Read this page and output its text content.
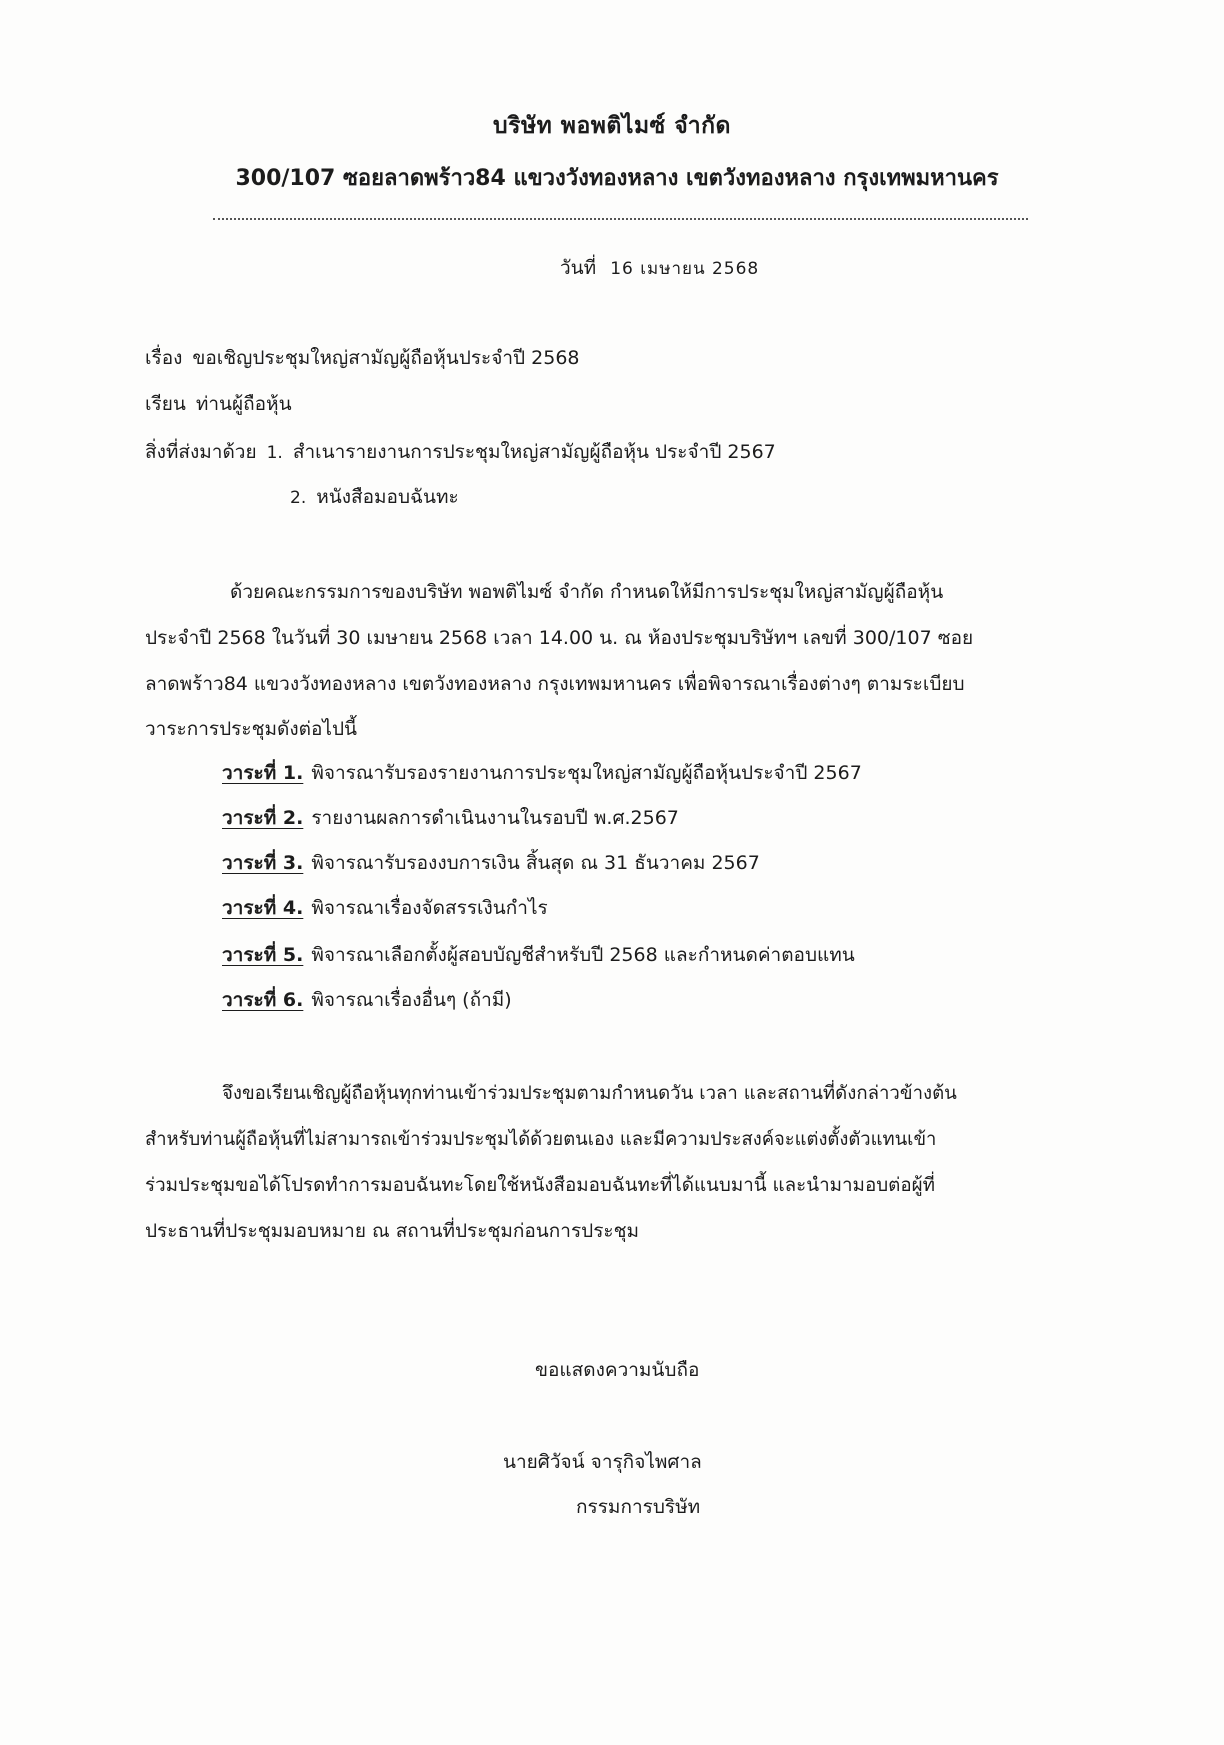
บริษัท พอพติไมซ์ จำกัด
300/107 ซอยลาดพร้าว84 แขวงวังทองหลาง เขตวังทองหลาง กรุงเทพมหานคร
วันที่ 16 เมษายน 2568
เรื่อง ขอเชิญประชุมใหญ่สามัญผู้ถือหุ้นประจำปี 2568
เรียน ท่านผู้ถือหุ้น
สิ่งที่ส่งมาด้วย 1. สำเนารายงานการประชุมใหญ่สามัญผู้ถือหุ้น ประจำปี 2567
2. หนังสือมอบฉันทะ
ด้วยคณะกรรมการของบริษัท พอพติไมซ์ จำกัด กำหนดให้มีการประชุมใหญ่สามัญผู้ถือหุ้น
ประจำปี 2568 ในวันที่ 30 เมษายน 2568 เวลา 14.00 น. ณ ห้องประชุมบริษัทฯ เลขที่ 300/107 ซอย
ลาดพร้าว84 แขวงวังทองหลาง เขตวังทองหลาง กรุงเทพมหานคร เพื่อพิจารณาเรื่องต่างๆ ตามระเบียบ
วาระการประชุมดังต่อไปนี้
วาระที่ 1. พิจารณารับรองรายงานการประชุมใหญ่สามัญผู้ถือหุ้นประจำปี 2567
วาระที่ 2. รายงานผลการดำเนินงานในรอบปี พ.ศ.2567
วาระที่ 3. พิจารณารับรองงบการเงิน สิ้นสุด ณ 31 ธันวาคม 2567
วาระที่ 4. พิจารณาเรื่องจัดสรรเงินกำไร
วาระที่ 5. พิจารณาเลือกตั้งผู้สอบบัญชีสำหรับปี 2568 และกำหนดค่าตอบแทน
วาระที่ 6. พิจารณาเรื่องอื่นๆ (ถ้ามี)
จึงขอเรียนเชิญผู้ถือหุ้นทุกท่านเข้าร่วมประชุมตามกำหนดวัน เวลา และสถานที่ดังกล่าวข้างต้น
สำหรับท่านผู้ถือหุ้นที่ไม่สามารถเข้าร่วมประชุมได้ด้วยตนเอง และมีความประสงค์จะแต่งตั้งตัวแทนเข้า
ร่วมประชุมขอได้โปรดทำการมอบฉันทะโดยใช้หนังสือมอบฉันทะที่ได้แนบมานี้ และนำมามอบต่อผู้ที่
ประธานที่ประชุมมอบหมาย ณ สถานที่ประชุมก่อนการประชุม
ขอแสดงความนับถือ
นายศิวัจน์ จารุกิจไพศาล
กรรมการบริษัท
